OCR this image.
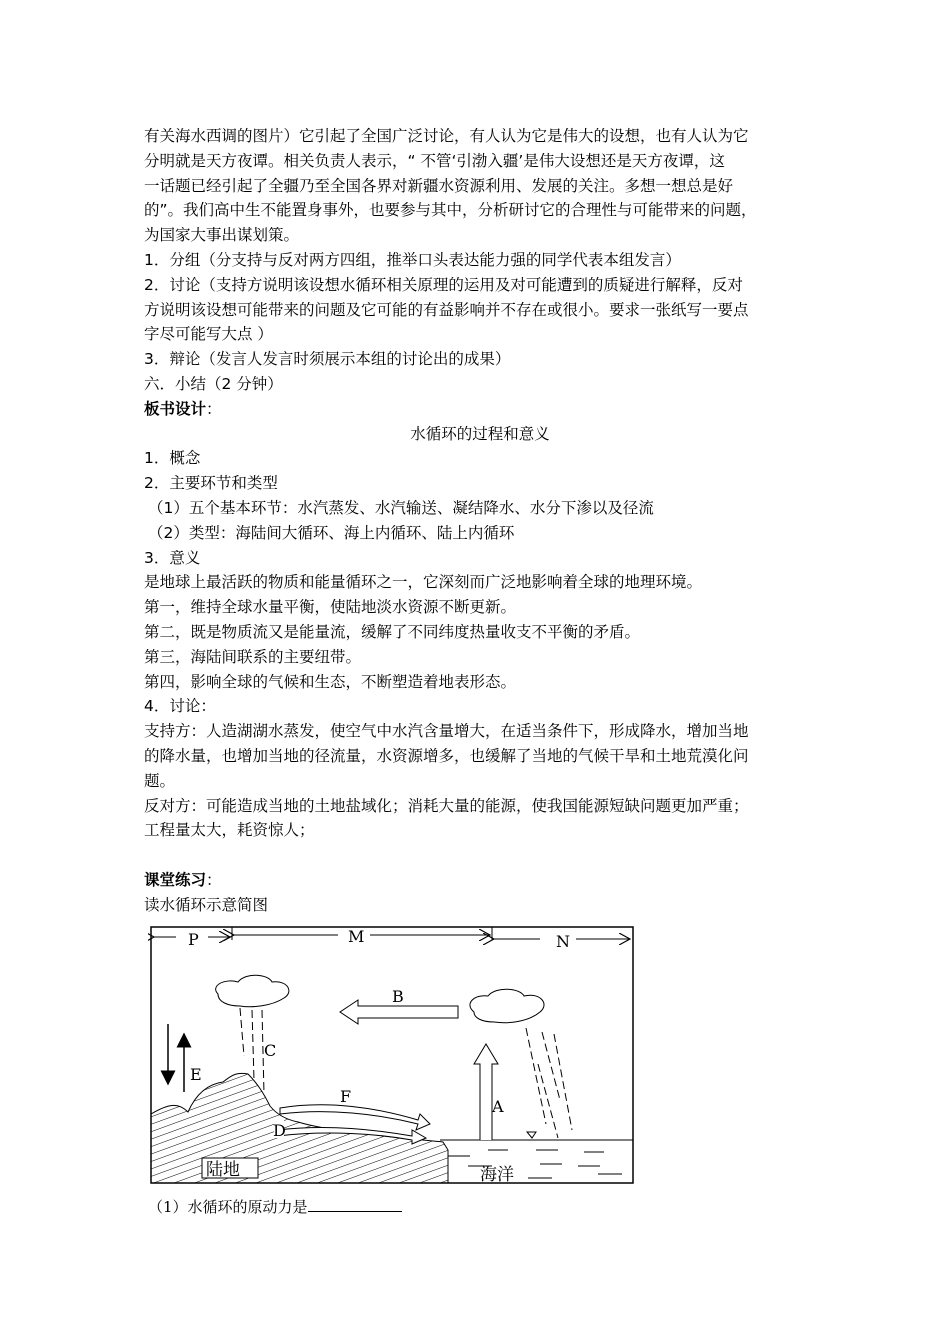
有关海水西调的图片）它引起了全国广泛讨论，有人认为它是伟大的设想，也有人认为它

分明就是天方夜谭。相关负责人表示，“ 不管‘引渤入疆’是伟大设想还是天方夜谭，这

一话题已经引起了全疆乃至全国各界对新疆水资源利用、发展的关注。多想一想总是好

的”。我们高中生不能置身事外，也要参与其中，分析研讨它的合理性与可能带来的问题，

为国家大事出谋划策。

1．分组（分支持与反对两方四组，推举口头表达能力强的同学代表本组发言）

2．讨论（支持方说明该设想水循环相关原理的运用及对可能遭到的质疑进行解释，反对

方说明该设想可能带来的问题及它可能的有益影响并不存在或很小。要求一张纸写一要点

字尽可能写大点 ）

3．辩论（发言人发言时须展示本组的讨论出的成果）

六．小结（2 分钟）

板书设计：

水循环的过程和意义

1．概念

2．主要环节和类型

（1）五个基本环节：水汽蒸发、水汽输送、凝结降水、水分下渗以及径流

（2）类型：海陆间大循环、海上内循环、陆上内循环

3．意义

是地球上最活跃的物质和能量循环之一，它深刻而广泛地影响着全球的地理环境。

第一，维持全球水量平衡，使陆地淡水资源不断更新。

第二，既是物质流又是能量流，缓解了不同纬度热量收支不平衡的矛盾。

第三，海陆间联系的主要纽带。

第四，影响全球的气候和生态，不断塑造着地表形态。

4．讨论：

支持方：人造湖湖水蒸发，使空气中水汽含量增大，在适当条件下，形成降水，增加当地

的降水量，也增加当地的径流量，水资源增多，也缓解了当地的气候干旱和土地荒漠化问

题。

反对方：可能造成当地的土地盐域化；消耗大量的能源，使我国能源短缺问题更加严重；

工程量太大，耗资惊人；

课堂练习：

读水循环示意简图

P	M	N
陆地	海洋
C
B
A
E
F
D
（1）水循环的原动力是
